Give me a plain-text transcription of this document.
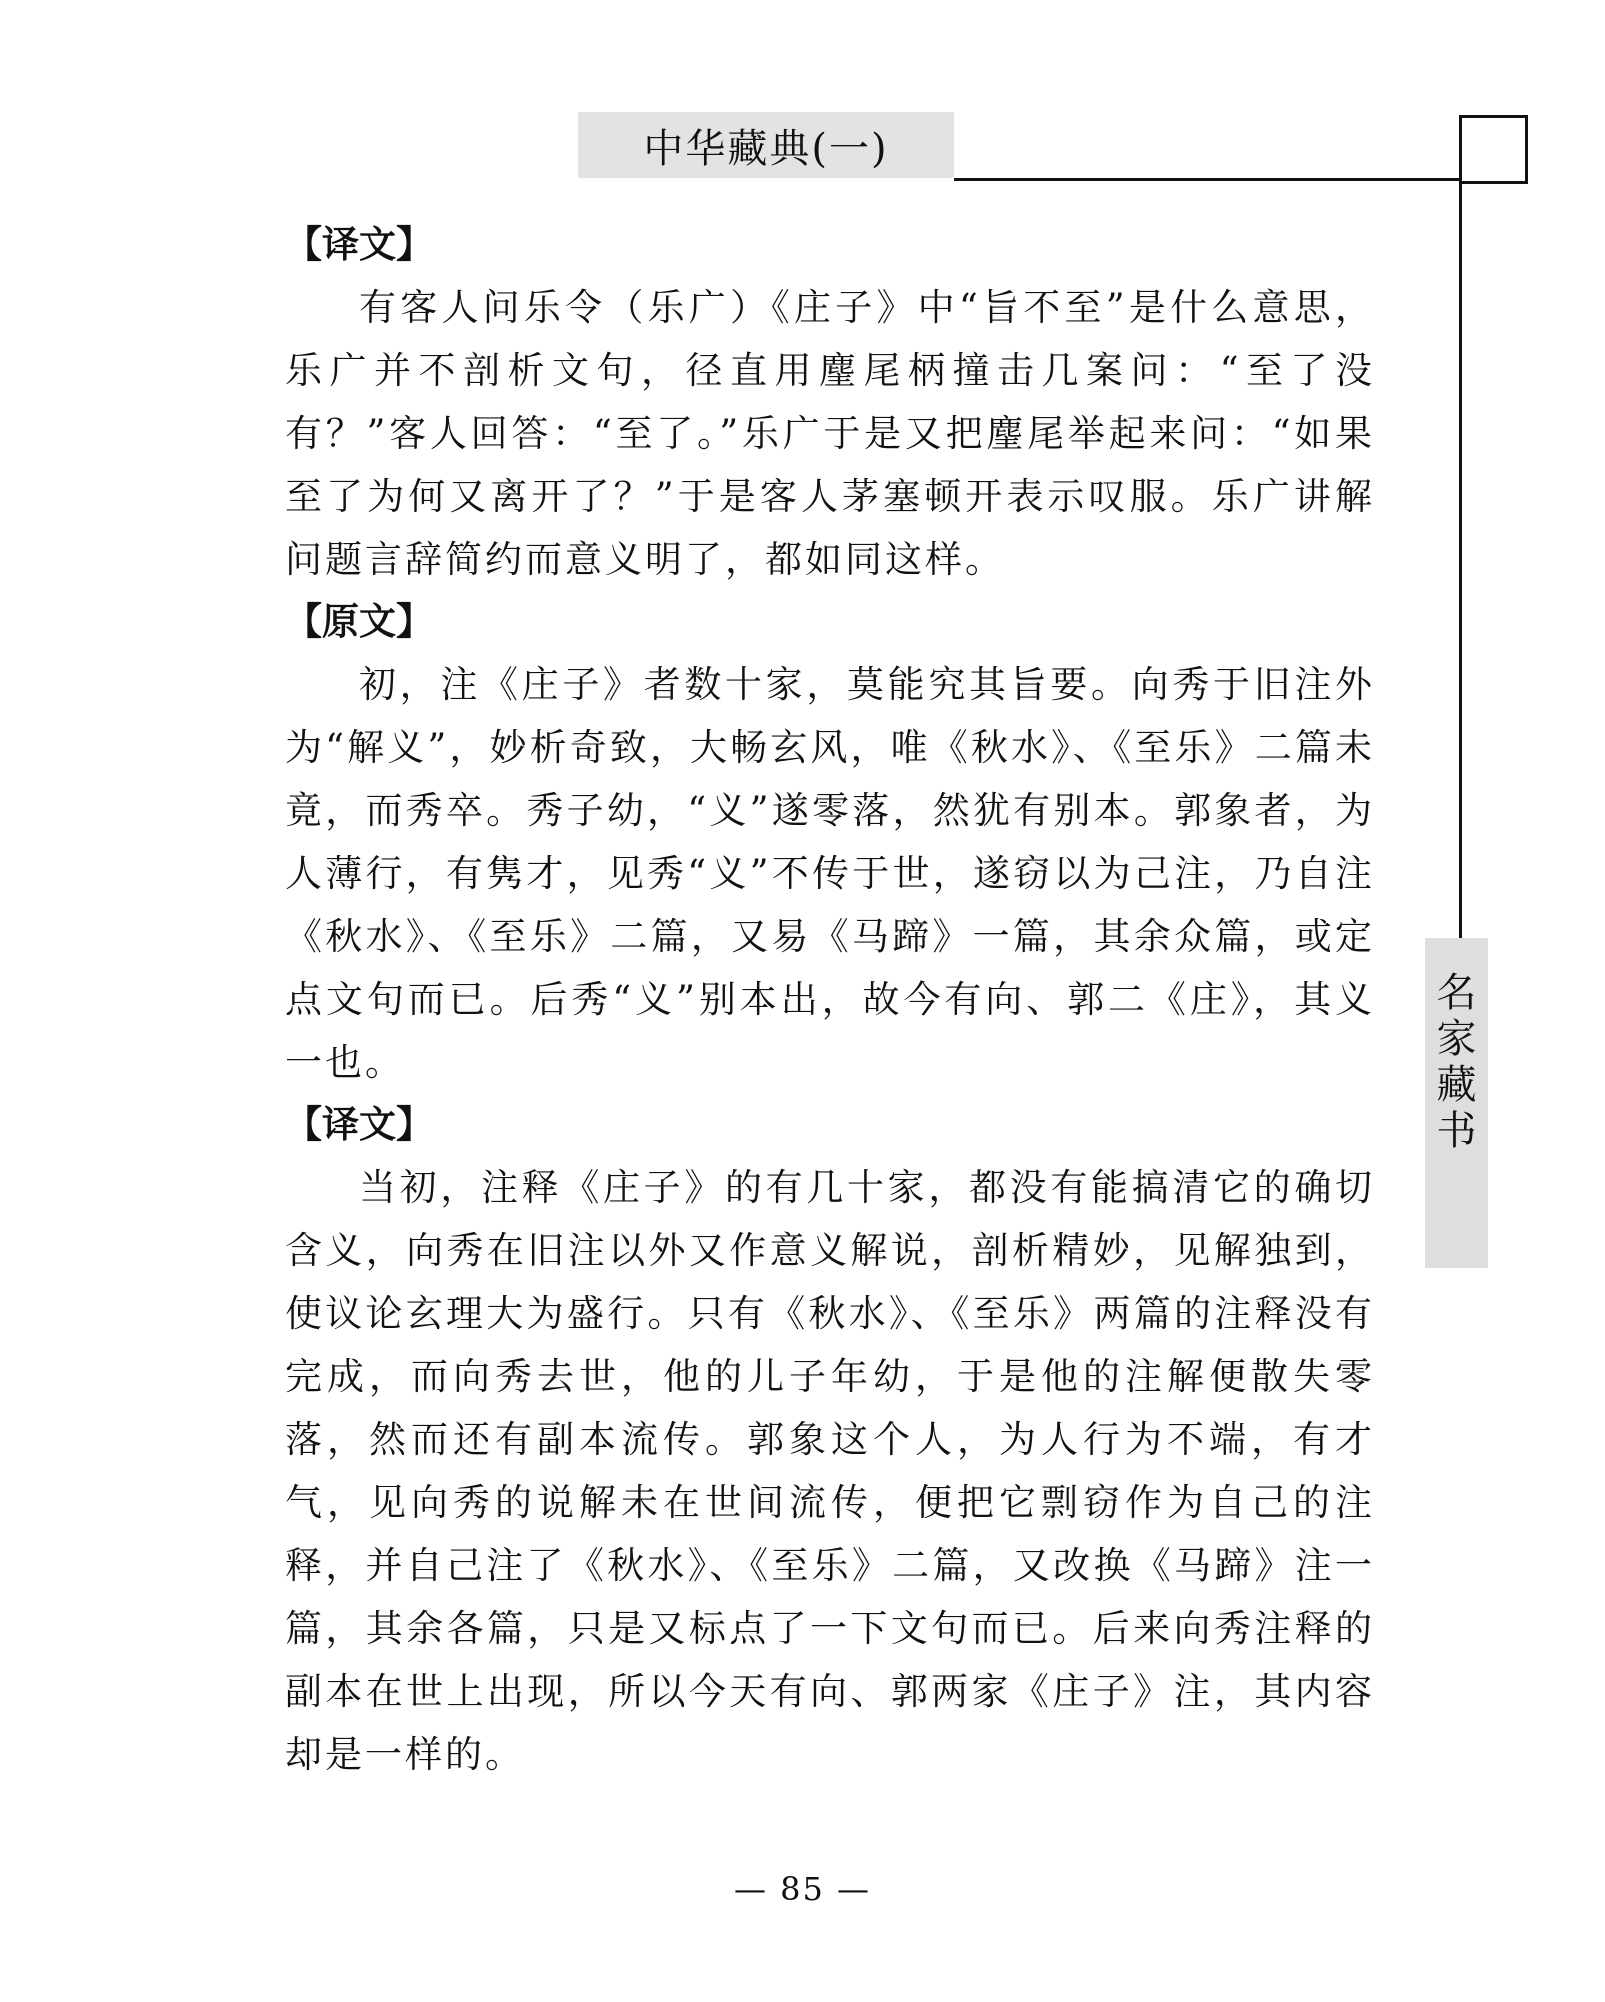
中华藏典(一)
名
家
藏
书

【译文】

有客人问乐令（乐广）《庄子》中“旨不至”是什么意思，乐广并不剖析文句，径直用麈尾柄撞击几案问：“至了没有？”客人回答：“至了。”乐广于是又把麈尾举起来问：“如果至了为何又离开了？”于是客人茅塞顿开表示叹服。乐广讲解问题言辞简约而意义明了，都如同这样。

【原文】

初，注《庄子》者数十家，莫能究其旨要。向秀于旧注外为“解义”，妙析奇致，大畅玄风，唯《秋水》、《至乐》二篇未竟，而秀卒。秀子幼，“义”遂零落，然犹有别本。郭象者，为人薄行，有隽才，见秀“义”不传于世，遂窃以为己注，乃自注《秋水》、《至乐》二篇，又易《马蹄》一篇，其余众篇，或定点文句而已。后秀“义”别本出，故今有向、郭二《庄》，其义一也。

【译文】

当初，注释《庄子》的有几十家，都没有能搞清它的确切含义，向秀在旧注以外又作意义解说，剖析精妙，见解独到，使议论玄理大为盛行。只有《秋水》、《至乐》两篇的注释没有完成，而向秀去世，他的儿子年幼，于是他的注解便散失零落，然而还有副本流传。郭象这个人，为人行为不端，有才气，见向秀的说解未在世间流传，便把它剽窃作为自己的注释，并自己注了《秋水》、《至乐》二篇，又改换《马蹄》注一篇，其余各篇，只是又标点了一下文句而已。后来向秀注释的副本在世上出现，所以今天有向、郭两家《庄子》注，其内容却是一样的。

— 85 —
